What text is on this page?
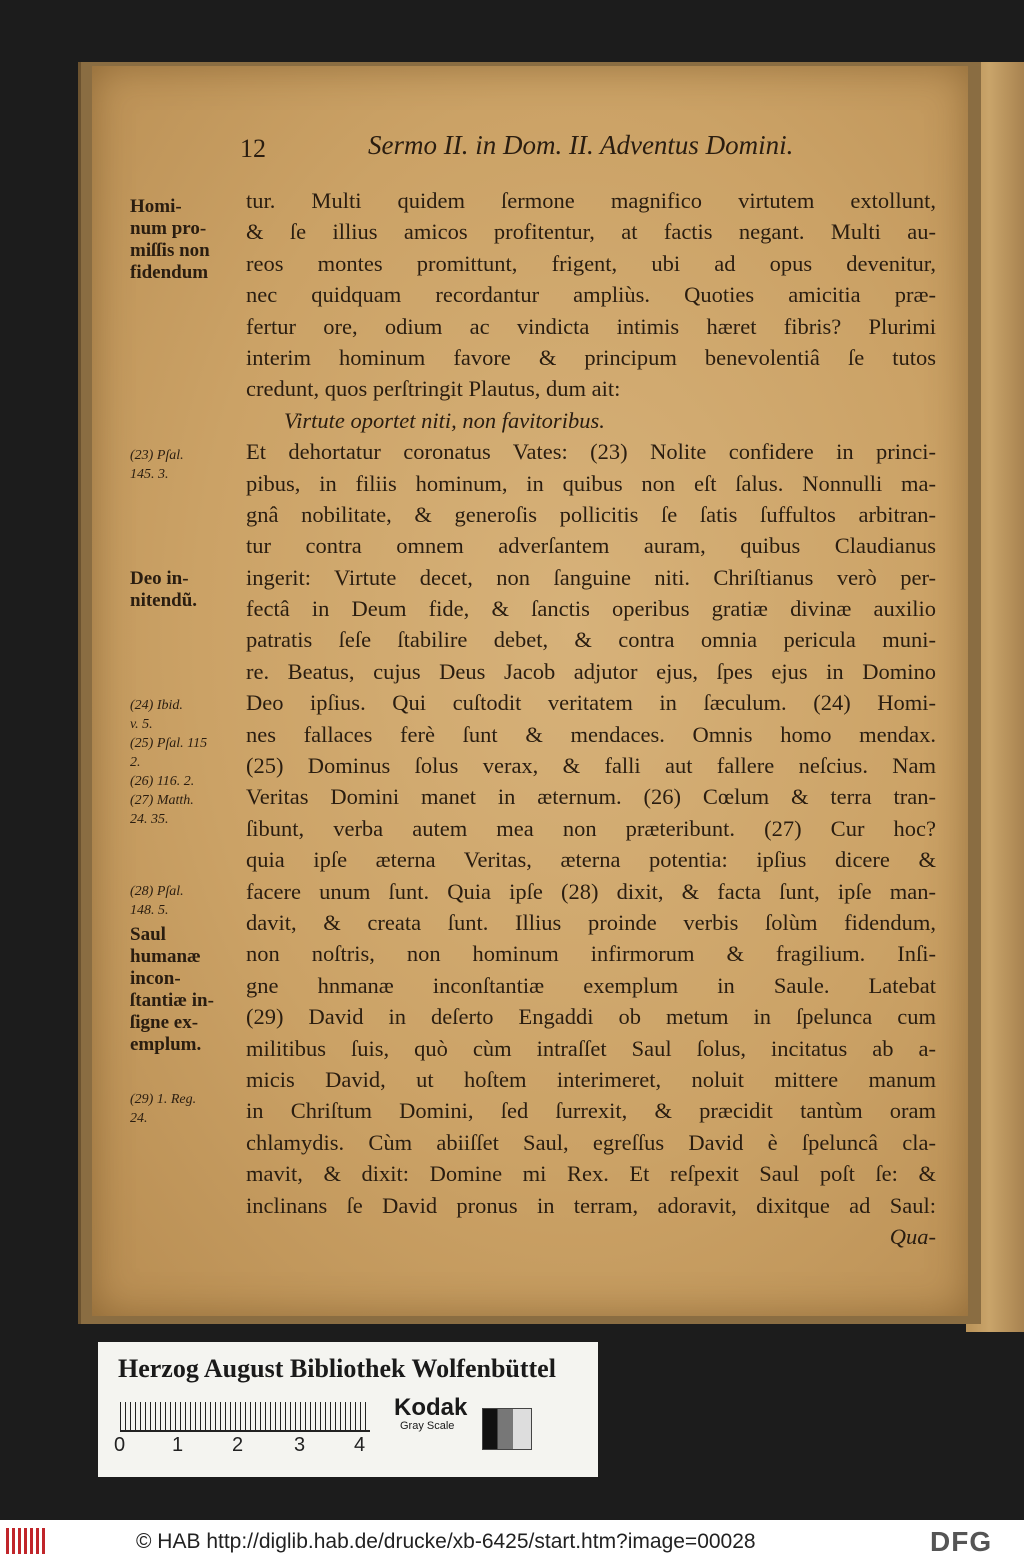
12	Sermo II. in Dom. II. Adventus Domini.
tur. Multi quidem ſermone magnifico virtutem extollunt,
& ſe illius amicos profitentur, at factis negant. Multi au-
reos montes promittunt, frigent, ubi ad opus devenitur,
nec quidquam recordantur ampliùs. Quoties amicitia præ-
fertur ore, odium ac vindicta intimis hæret fibris? Plurimi
interim hominum favore & principum benevolentiâ ſe tutos
credunt, quos perſtringit Plautus, dum ait:
Virtute oportet niti, non favitoribus.
Et dehortatur coronatus Vates: (23) Nolite confidere in princi-
pibus, in filiis hominum, in quibus non eſt ſalus. Nonnulli ma-
gnâ nobilitate, & generoſis pollicitis ſe ſatis ſuffultos arbitran-
tur contra omnem adverſantem auram, quibus Claudianus
ingerit: Virtute decet, non ſanguine niti. Chriſtianus verò per-
fectâ in Deum fide, & ſanctis operibus gratiæ divinæ auxilio
patratis ſeſe ſtabilire debet, & contra omnia pericula muni-
re. Beatus, cujus Deus Jacob adjutor ejus, ſpes ejus in Domino
Deo ipſius. Qui cuſtodit veritatem in ſæculum. (24) Homi-
nes fallaces ferè ſunt & mendaces. Omnis homo mendax.
(25) Dominus ſolus verax, & falli aut fallere neſcius. Nam
Veritas Domini manet in æternum. (26) Cœlum & terra tran-
ſibunt, verba autem mea non præteribunt. (27) Cur hoc?
quia ipſe æterna Veritas, æterna potentia: ipſius dicere &
facere unum ſunt. Quia ipſe (28) dixit, & facta ſunt, ipſe man-
davit, & creata ſunt. Illius proinde verbis ſolùm fidendum,
non noſtris, non hominum infirmorum & fragilium. Inſi-
gne hnmanæ inconſtantiæ exemplum in Saule. Latebat
(29) David in deſerto Engaddi ob metum in ſpelunca cum
militibus ſuis, quò cùm intraſſet Saul ſolus, incitatus ab a-
micis David, ut hoſtem interimeret, noluit mittere manum
in Chriſtum Domini, ſed ſurrexit, & præcidit tantùm oram
chlamydis. Cùm abiiſſet Saul, egreſſus David è ſpeluncâ cla-
mavit, & dixit: Domine mi Rex. Et reſpexit Saul poſt ſe: &
inclinans ſe David pronus in terram, adoravit, dixitque ad Saul:
Qua-
Homi-
num pro-
miſſis non
fidendum
(23) Pſal.
145. 3.
Deo in-
nitendũ.
(24) Ibid.
v. 5.
(25) Pſal. 115
2.
(26) 116. 2.
(27) Matth.
24. 35.
(28) Pſal.
148. 5.
Saul
humanæ
incon-
ſtantiæ in-
ſigne ex-
emplum.
(29) 1. Reg.
24.
Herzog August Bibliothek Wolfenbüttel
0 1 2	3 4
Kodak
Gray Scale
© HAB http://diglib.hab.de/drucke/xb-6425/start.htm?image=00028	DFG
